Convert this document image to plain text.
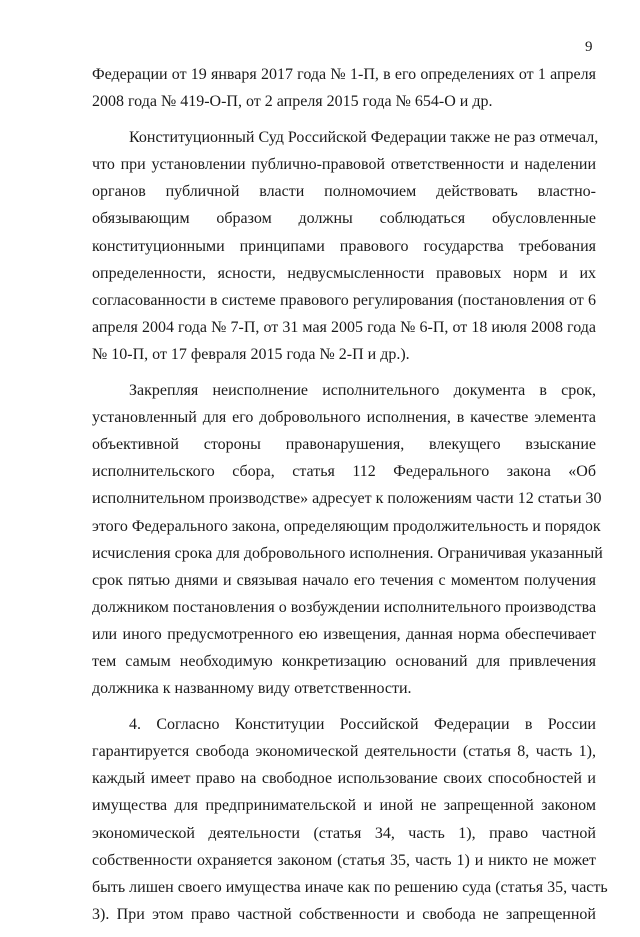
9
Федерации от 19 января 2017 года № 1-П, в его определениях от 1 апреля
2008 года № 419-О-П, от 2 апреля 2015 года № 654-О и др.
Конституционный Суд Российской Федерации также не раз отмечал,
что при установлении публично-правовой ответственности и наделении
органов публичной власти полномочием действовать властно-
обязывающим образом должны соблюдаться обусловленные
конституционными принципами правового государства требования
определенности, ясности, недвусмысленности правовых норм и их
согласованности в системе правового регулирования (постановления от 6
апреля 2004 года № 7-П, от 31 мая 2005 года № 6-П, от 18 июля 2008 года
№ 10-П, от 17 февраля 2015 года № 2-П и др.).
Закрепляя неисполнение исполнительного документа в срок,
установленный для его добровольного исполнения, в качестве элемента
объективной стороны правонарушения, влекущего взыскание
исполнительского сбора, статья 112 Федерального закона «Об
исполнительном производстве» адресует к положениям части 12 статьи 30
этого Федерального закона, определяющим продолжительность и порядок
исчисления срока для добровольного исполнения. Ограничивая указанный
срок пятью днями и связывая начало его течения с моментом получения
должником постановления о возбуждении исполнительного производства
или иного предусмотренного ею извещения, данная норма обеспечивает
тем самым необходимую конкретизацию оснований для привлечения
должника к названному виду ответственности.
4. Согласно Конституции Российской Федерации в России
гарантируется свобода экономической деятельности (статья 8, часть 1),
каждый имеет право на свободное использование своих способностей и
имущества для предпринимательской и иной не запрещенной законом
экономической деятельности (статья 34, часть 1), право частной
собственности охраняется законом (статья 35, часть 1) и никто не может
быть лишен своего имущества иначе как по решению суда (статья 35, часть
3). При этом право частной собственности и свобода не запрещенной
